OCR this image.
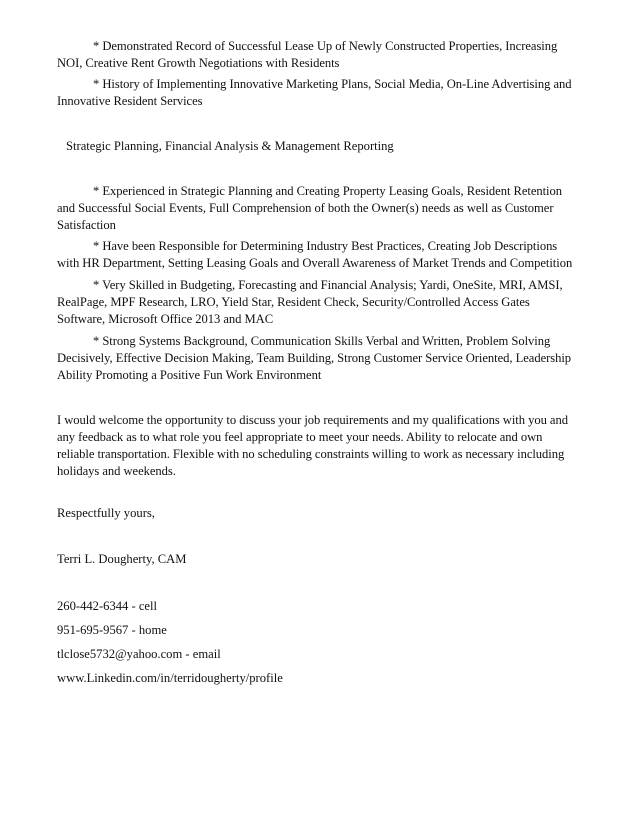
* Demonstrated Record of Successful Lease Up of Newly Constructed Properties, Increasing NOI, Creative Rent Growth Negotiations with Residents

* History of Implementing Innovative Marketing Plans, Social Media, On-Line Advertising and Innovative Resident Services

Strategic Planning, Financial Analysis & Management Reporting

* Experienced in Strategic Planning and Creating Property Leasing Goals, Resident Retention and Successful Social Events, Full Comprehension of both the Owner(s) needs as well as Customer Satisfaction

* Have been Responsible for Determining Industry Best Practices, Creating Job Descriptions with HR Department, Setting Leasing Goals and Overall Awareness of Market Trends and Competition

* Very Skilled in Budgeting, Forecasting and Financial Analysis; Yardi, OneSite, MRI, AMSI, RealPage, MPF Research, LRO, Yield Star, Resident Check, Security/Controlled Access Gates Software, Microsoft Office 2013 and MAC

* Strong Systems Background, Communication Skills Verbal and Written, Problem Solving Decisively, Effective Decision Making, Team Building, Strong Customer Service Oriented, Leadership Ability Promoting a Positive Fun Work Environment

I would welcome the opportunity to discuss your job requirements and my qualifications with you and any feedback as to what role you feel appropriate to meet your needs. Ability to relocate and own reliable transportation. Flexible with no scheduling constraints willing to work as necessary including holidays and weekends.

Respectfully yours,

Terri L. Dougherty, CAM

260-442-6344 - cell

951-695-9567 - home

tlclose5732@yahoo.com - email

www.Linkedin.com/in/terridougherty/profile
